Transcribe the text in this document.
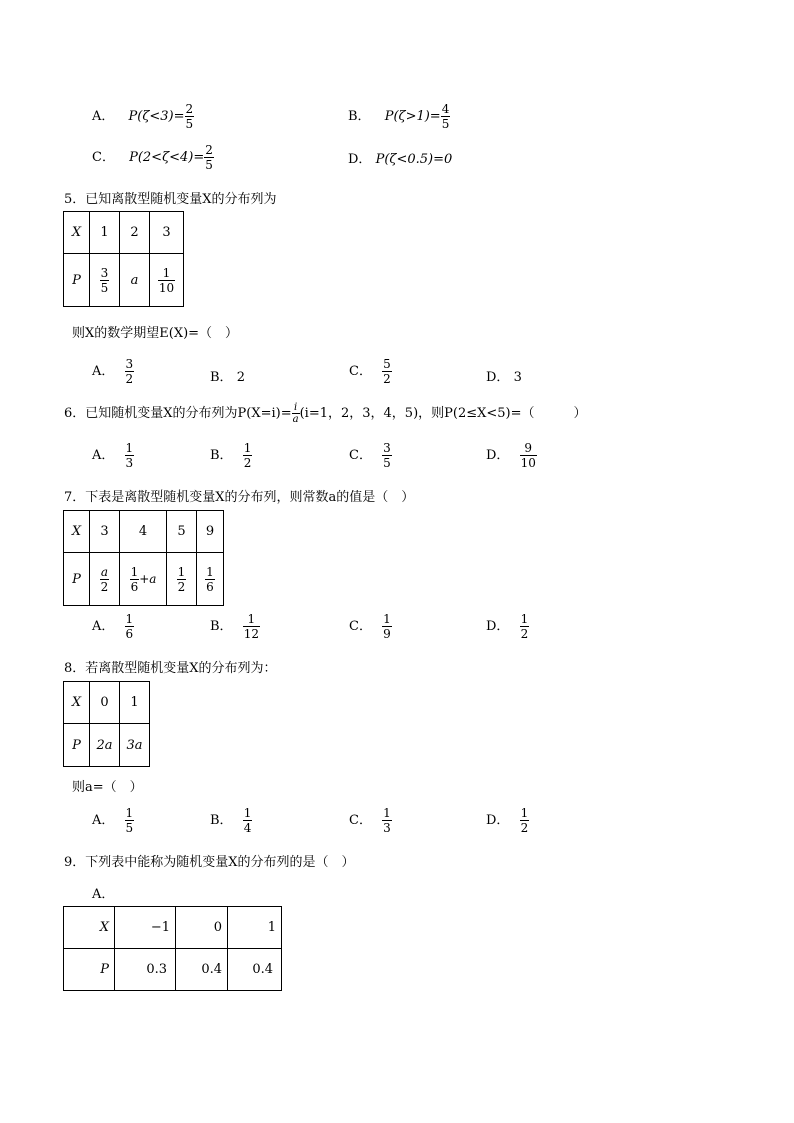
A． $P(\zeta<3)= \frac{2}{5}$	B． $P(\zeta>1)= \frac{4}{5}$
C． $P(2<\zeta<4)= \frac{2}{5}$	D． P(ζ<0.5)=0
5．已知离散型随机变量X的分布列为
X	1	2	3
P	$\frac{3}{5}$	a	$\frac{1}{10}$
则X的数学期望E(X)=（　）
A． $\frac{3}{2}$	B． 2	C． $\frac{5}{2}$	D． 3
6．已知随机变量X的分布列为$P(X=i)= \frac{i}{a} (i=1$，2，3，4，5)，则P(2≤X<5)=（　　　）
A． $\frac{1}{3}$	B． $\frac{1}{2}$	C． $\frac{3}{5}$	D． $\frac{9}{10}$
7．下表是离散型随机变量X的分布列，则常数a的值是（　）
X	3	4	5	9
P	$\frac{a}{2}$	$\frac{1}{6} +a$	$\frac{1}{2}$	$\frac{1}{6}$
A． $\frac{1}{6}$	B． $\frac{1}{12}$	C． $\frac{1}{9}$	D． $\frac{1}{2}$
8．若离散型随机变量X的分布列为：
X	0	1
P	2a	3a
则a=（　）
A． $\frac{1}{5}$	B． $\frac{1}{4}$	C． $\frac{1}{3}$	D． $\frac{1}{2}$
9．下列表中能称为随机变量X的分布列的是（　）
A．
X	−1	0	1
P	0.3	0.4	0.4
